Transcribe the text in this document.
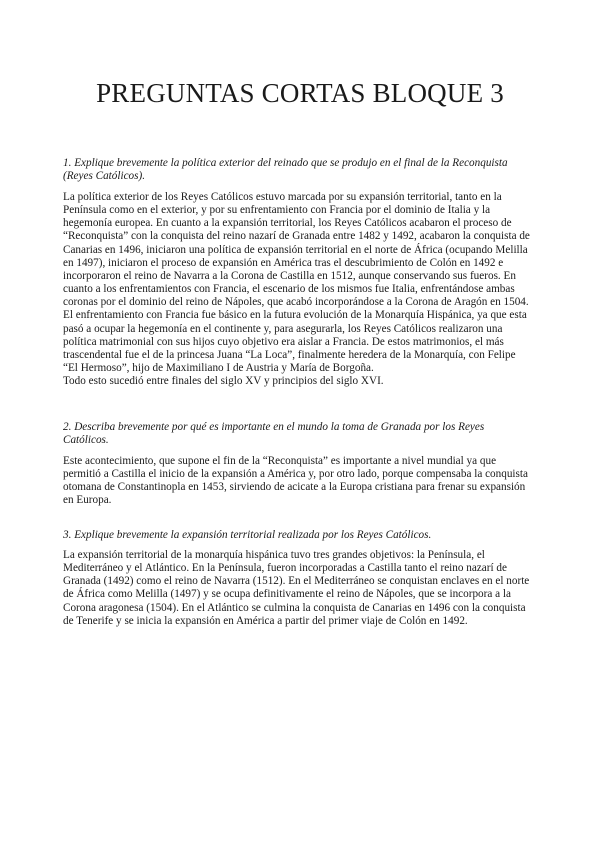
PREGUNTAS CORTAS BLOQUE 3

1. Explique brevemente la política exterior del reinado que se produjo en el final de la Reconquista (Reyes Católicos).

La política exterior de los Reyes Católicos estuvo marcada por su expansión territorial, tanto en la Península como en el exterior, y por su enfrentamiento con Francia por el dominio de Italia y la hegemonía europea. En cuanto a la expansión territorial, los Reyes Católicos acabaron el proceso de “Reconquista” con la conquista del reino nazarí de Granada entre 1482 y 1492, acabaron la conquista de Canarias en 1496, iniciaron una política de expansión territorial en el norte de África (ocupando Melilla en 1497), iniciaron el proceso de expansión en América tras el descubrimiento de Colón en 1492 e incorporaron el reino de Navarra a la Corona de Castilla en 1512, aunque conservando sus fueros. En cuanto a los enfrentamientos con Francia, el escenario de los mismos fue Italia, enfrentándose ambas coronas por el dominio del reino de Nápoles, que acabó incorporándose a la Corona de Aragón en 1504. El enfrentamiento con Francia fue básico en la futura evolución de la Monarquía Hispánica, ya que esta pasó a ocupar la hegemonía en el continente y, para asegurarla, los Reyes Católicos realizaron una política matrimonial con sus hijos cuyo objetivo era aislar a Francia. De estos matrimonios, el más trascendental fue el de la princesa Juana “La Loca”, finalmente heredera de la Monarquía, con Felipe “El Hermoso”, hijo de Maximiliano I de Austria y María de Borgoña.

Todo esto sucedió entre finales del siglo XV y principios del siglo XVI.

2. Describa brevemente por qué es importante en el mundo la toma de Granada por los Reyes Católicos.

Este acontecimiento, que supone el fin de la “Reconquista” es importante a nivel mundial ya que permitió a Castilla el inicio de la expansión a América y, por otro lado, porque compensaba la conquista otomana de Constantinopla en 1453, sirviendo de acicate a la Europa cristiana para frenar su expansión en Europa.

3. Explique brevemente la expansión territorial realizada por los Reyes Católicos.

La expansión territorial de la monarquía hispánica tuvo tres grandes objetivos: la Península, el Mediterráneo y el Atlántico. En la Península, fueron incorporadas a Castilla tanto el reino nazarí de Granada (1492) como el reino de Navarra (1512). En el Mediterráneo se conquistan enclaves en el norte de África como Melilla (1497) y se ocupa definitivamente el reino de Nápoles, que se incorpora a la Corona aragonesa (1504). En el Atlántico se culmina la conquista de Canarias en 1496 con la conquista de Tenerife y se inicia la expansión en América a partir del primer viaje de Colón en 1492.
